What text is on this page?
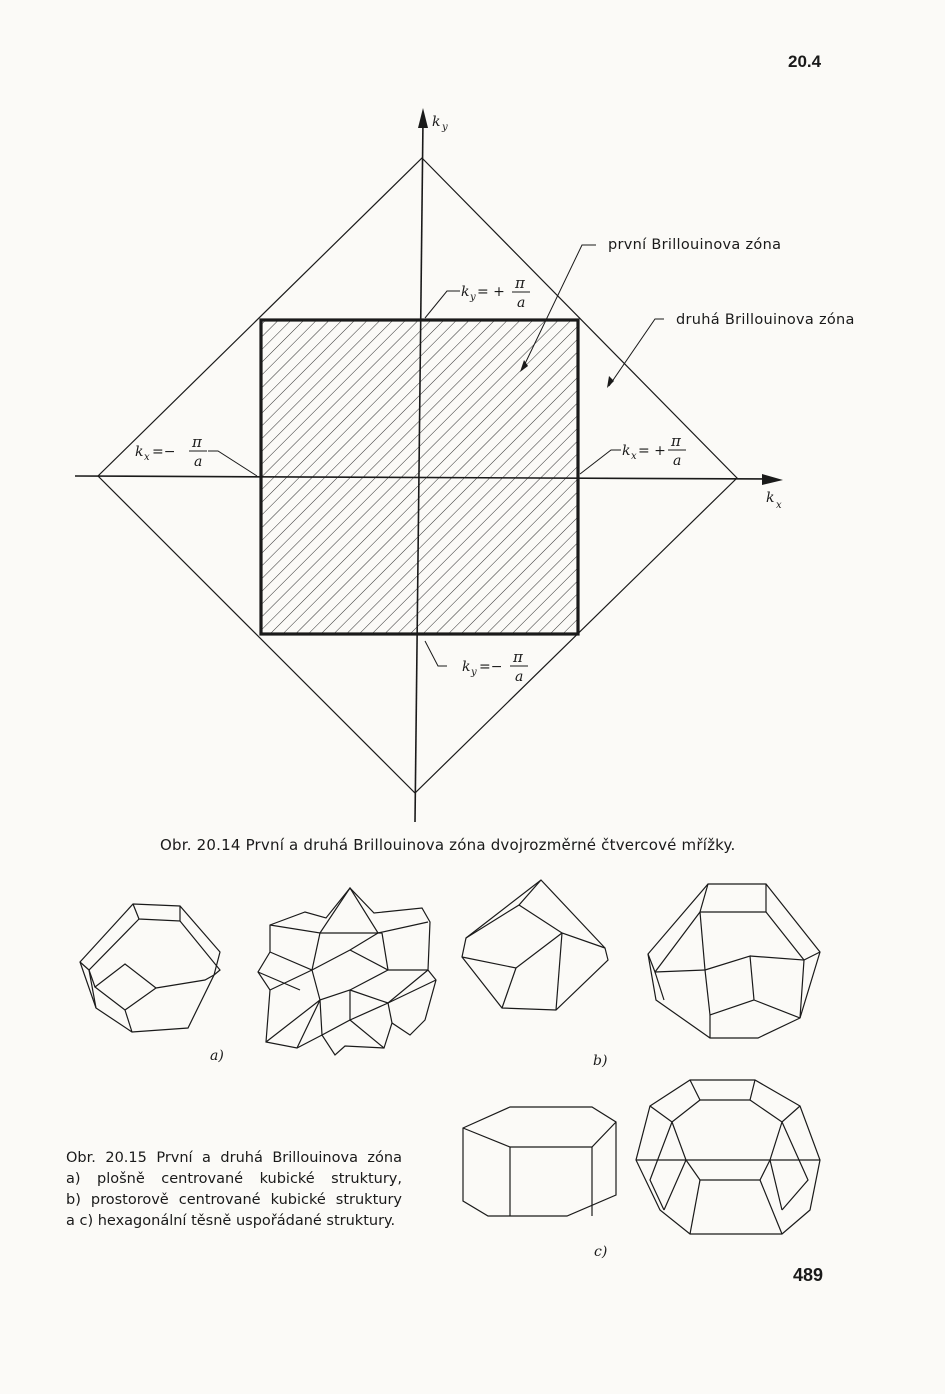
20.4
k y
k x
první Brillouinova zóna
druhá Brillouinova zóna
k y = + π
a
k y =−
π
a
k x =−
π
a
k x = +
π
a
Obr. 20.14 První a druhá Brillouinova zóna dvojrozměrné čtvercové mřížky.
a)	b)
c)
Obr. 20.15 První a druhá Brillouinova zóna
a) plošně centrované kubické struktury,
b) prostorově centrované kubické struktury
a c) hexagonální těsně uspořádané struktury.
489
